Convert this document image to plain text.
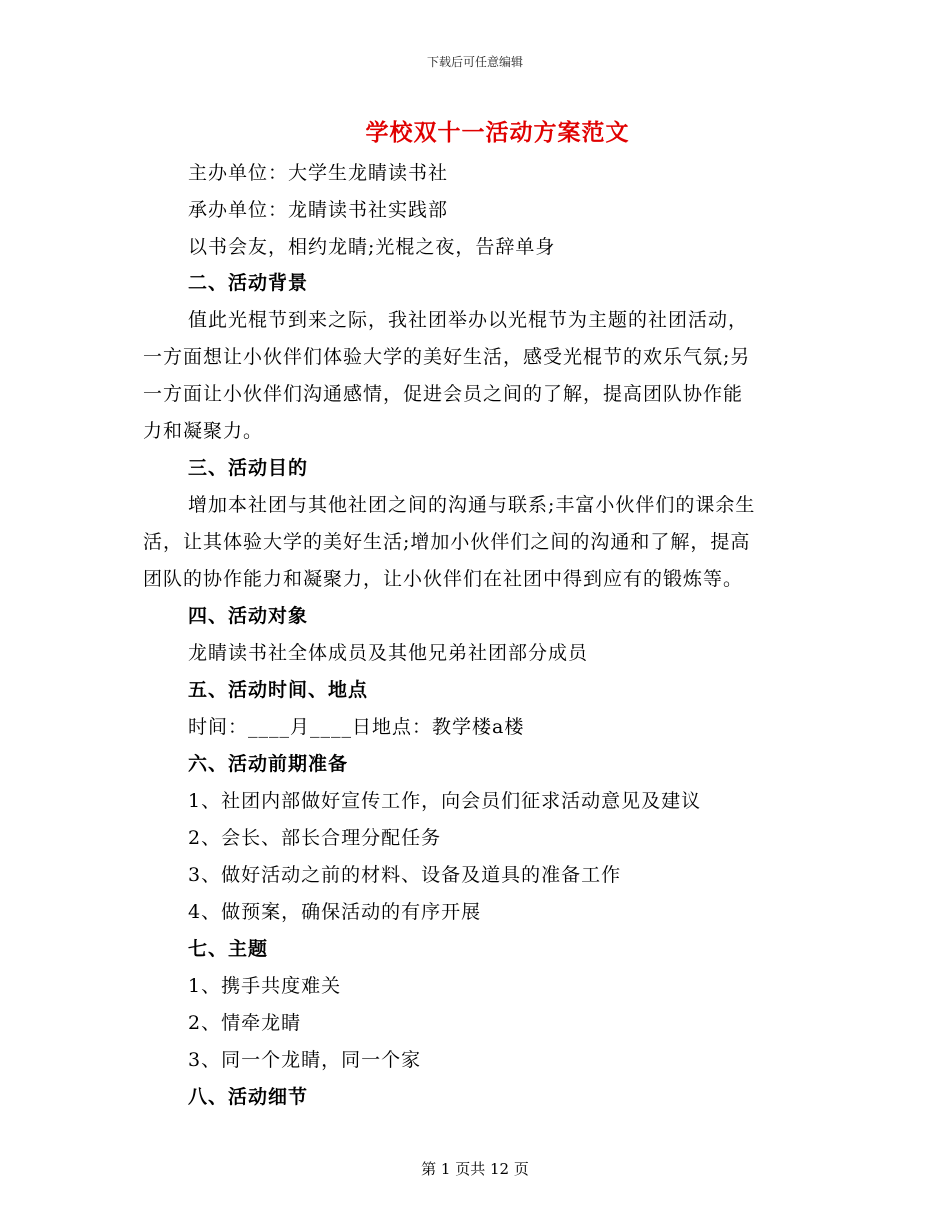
下载后可任意编辑
学校双十一活动方案范文
主办单位：大学生龙睛读书社
承办单位：龙睛读书社实践部
以书会友，相约龙睛;光棍之夜，告辞单身
二、活动背景
值此光棍节到来之际，我社团举办以光棍节为主题的社团活动，
一方面想让小伙伴们体验大学的美好生活，感受光棍节的欢乐气氛;另
一方面让小伙伴们沟通感情，促进会员之间的了解，提高团队协作能
力和凝聚力。
三、活动目的
增加本社团与其他社团之间的沟通与联系;丰富小伙伴们的课余生
活，让其体验大学的美好生活;增加小伙伴们之间的沟通和了解，提高
团队的协作能力和凝聚力，让小伙伴们在社团中得到应有的锻炼等。
四、活动对象
龙睛读书社全体成员及其他兄弟社团部分成员
五、活动时间、地点
时间：____月____日地点：教学楼a楼
六、活动前期准备
1、社团内部做好宣传工作，向会员们征求活动意见及建议
2、会长、部长合理分配任务
3、做好活动之前的材料、设备及道具的准备工作
4、做预案，确保活动的有序开展
七、主题
1、携手共度难关
2、情牵龙睛
3、同一个龙睛，同一个家
八、活动细节
第 1 页共 12 页
